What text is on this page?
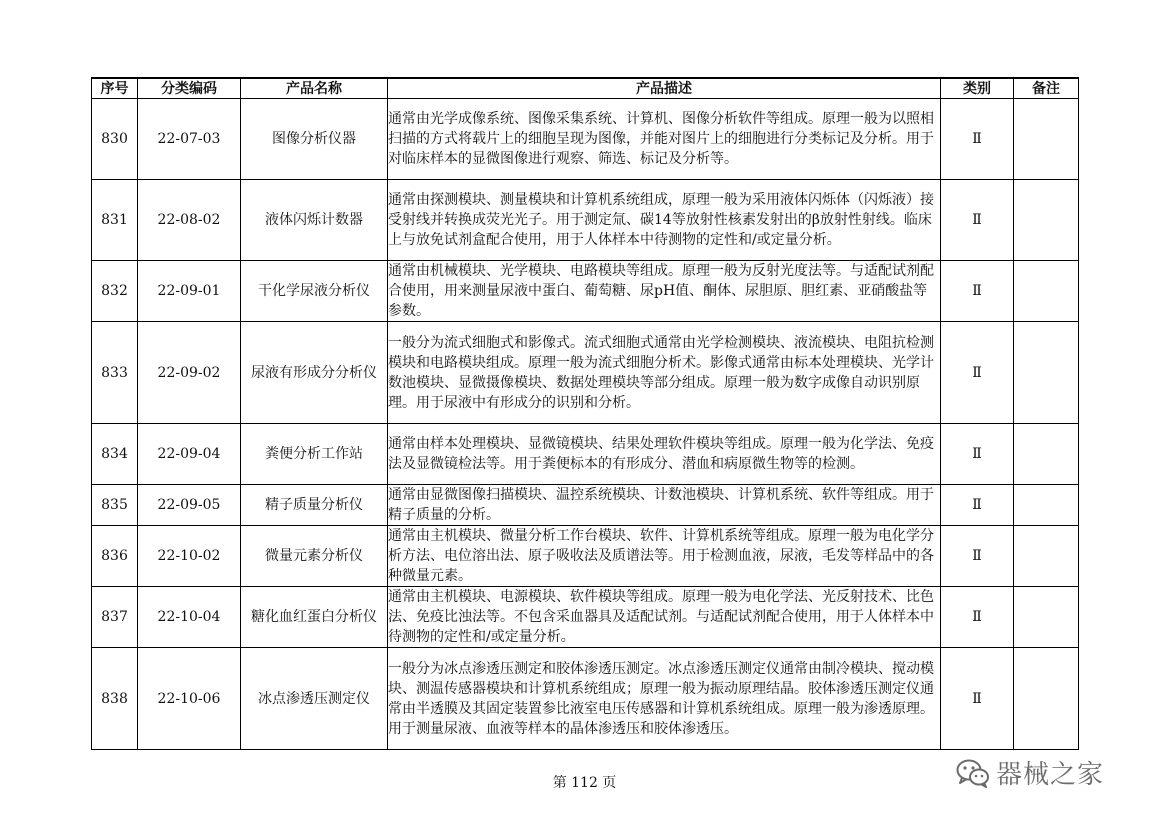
序号	分类编码	产品名称	产品描述	类别	备注
830	22-07-03	图像分析仪器	通常由光学成像系统、图像采集系统、计算机、图像分析软件等组成。原理一般为以照相扫描的方式将载片上的细胞呈现为图像，并能对图片上的细胞进行分类标记及分析。用于对临床样本的显微图像进行观察、筛选、标记及分析等。	Ⅱ	
831	22-08-02	液体闪烁计数器	通常由探测模块、测量模块和计算机系统组成，原理一般为采用液体闪烁体（闪烁液）接受射线并转换成荧光光子。用于测定氚、碳14等放射性核素发射出的β放射性射线。临床上与放免试剂盒配合使用，用于人体样本中待测物的定性和/或定量分析。	Ⅱ	
832	22-09-01	干化学尿液分析仪	通常由机械模块、光学模块、电路模块等组成。原理一般为反射光度法等。与适配试剂配合使用，用来测量尿液中蛋白、葡萄糖、尿pH值、酮体、尿胆原、胆红素、亚硝酸盐等参数。	Ⅱ	
833	22-09-02	尿液有形成分分析仪	一般分为流式细胞式和影像式。流式细胞式通常由光学检测模块、液流模块、电阻抗检测模块和电路模块组成。原理一般为流式细胞分析术。影像式通常由标本处理模块、光学计数池模块、显微摄像模块、数据处理模块等部分组成。原理一般为数字成像自动识别原理。用于尿液中有形成分的识别和分析。	Ⅱ	
834	22-09-04	粪便分析工作站	通常由样本处理模块、显微镜模块、结果处理软件模块等组成。原理一般为化学法、免疫法及显微镜检法等。用于粪便标本的有形成分、潜血和病原微生物等的检测。	Ⅱ	
835	22-09-05	精子质量分析仪	通常由显微图像扫描模块、温控系统模块、计数池模块、计算机系统、软件等组成。用于精子质量的分析。	Ⅱ	
836	22-10-02	微量元素分析仪	通常由主机模块、微量分析工作台模块、软件、计算机系统等组成。原理一般为电化学分析方法、电位溶出法、原子吸收法及质谱法等。用于检测血液，尿液，毛发等样品中的各种微量元素。	Ⅱ	
837	22-10-04	糖化血红蛋白分析仪	通常由主机模块、电源模块、软件模块等组成。原理一般为电化学法、光反射技术、比色法、免疫比浊法等。不包含采血器具及适配试剂。与适配试剂配合使用，用于人体样本中待测物的定性和/或定量分析。	Ⅱ	
838	22-10-06	冰点渗透压测定仪	一般分为冰点渗透压测定和胶体渗透压测定。冰点渗透压测定仪通常由制冷模块、搅动模块、测温传感器模块和计算机系统组成；原理一般为振动原理结晶。胶体渗透压测定仪通常由半透膜及其固定装置参比液室电压传感器和计算机系统组成。原理一般为渗透原理。用于测量尿液、血液等样本的晶体渗透压和胶体渗透压。	Ⅱ	
第 112 页	器械之家
